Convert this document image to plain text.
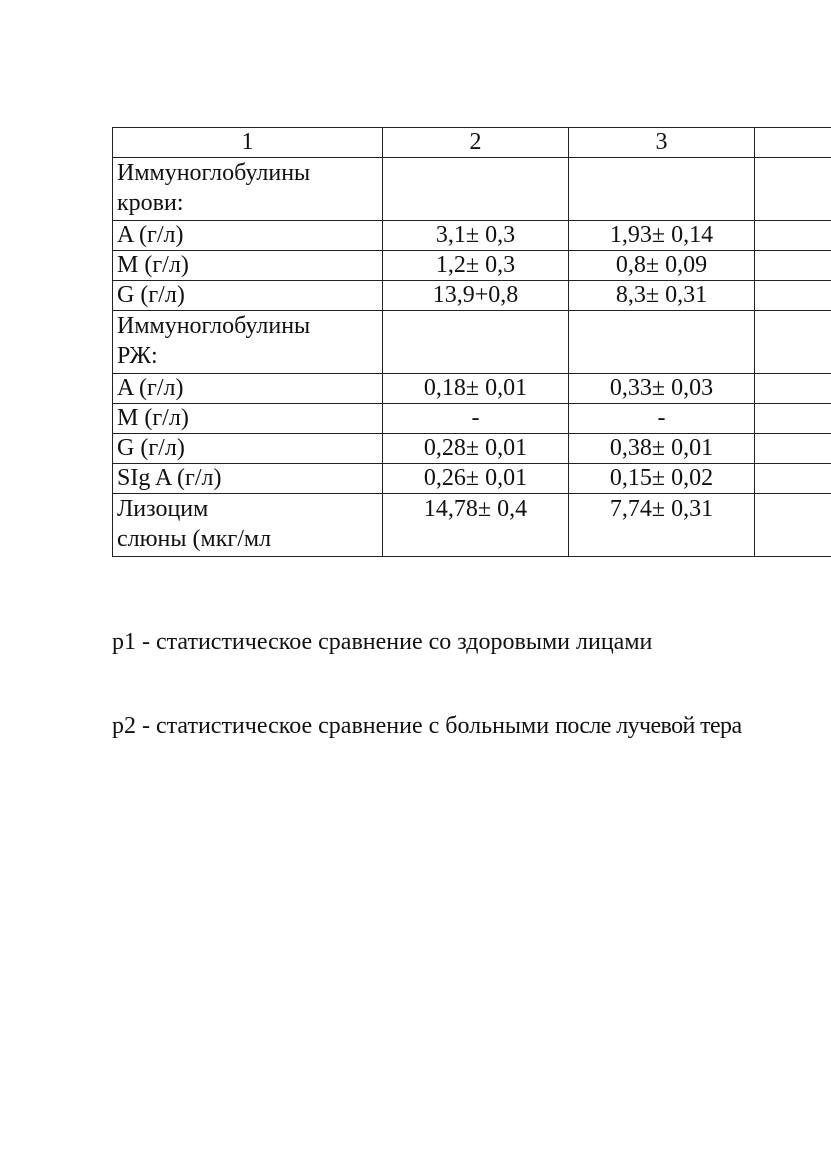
1	2	3	
Иммуноглобулины
крови:			
A (г/л)	3,1± 0,3	1,93± 0,14	
M (г/л)	1,2± 0,3	0,8± 0,09	
G (г/л)	13,9+0,8	8,3± 0,31	
Иммуноглобулины
РЖ:			
A (г/л)	0,18± 0,01	0,33± 0,03	
M (г/л)	-	-	
G (г/л)	0,28± 0,01	0,38± 0,01	
SIg A (г/л)	0,26± 0,01	0,15± 0,02	
Лизоцим
слюны (мкг/мл	14,78± 0,4	7,74± 0,31	
p1 - статистическое сравнение со здоровыми лицами
p2 - статистическое сравнение с больными после лучевой тера
